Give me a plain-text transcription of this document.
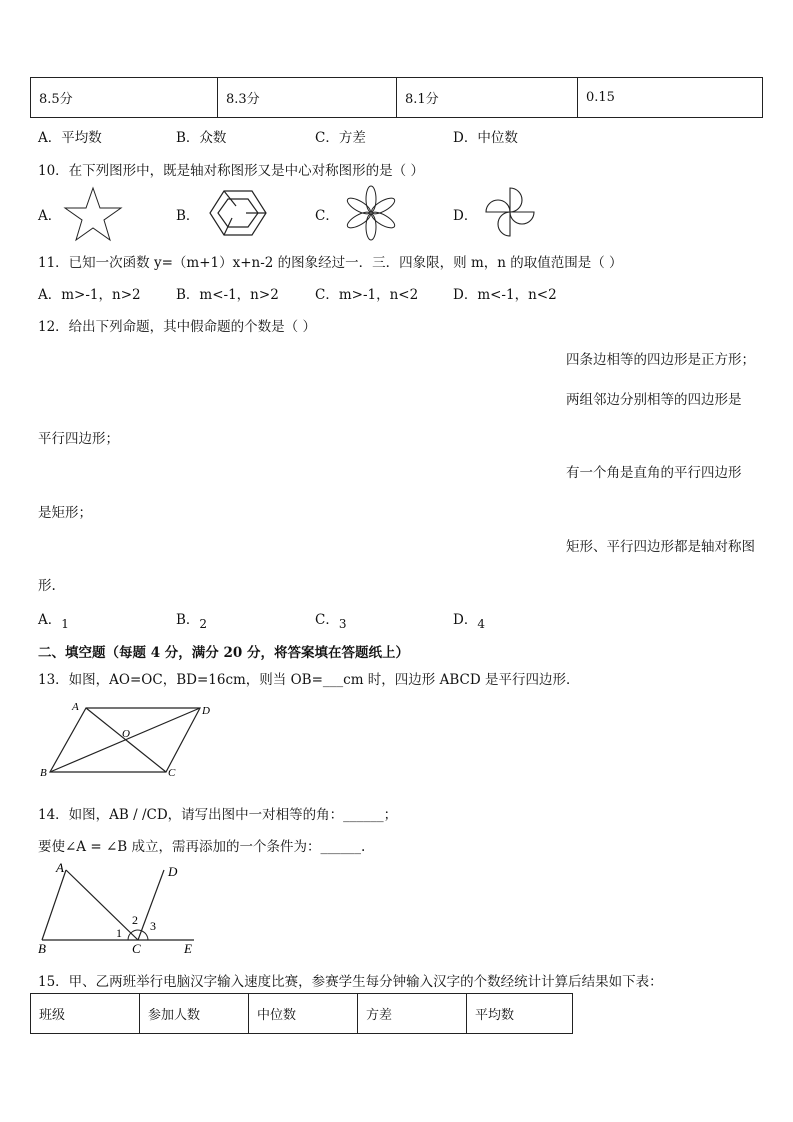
8.5分	8.3分	8.1分	0.15
A．平均数	B．众数	C．方差	D．中位数
10．在下列图形中，既是轴对称图形又是中心对称图形的是（ ）
A．	B．	C．	D．
11．已知一次函数 y=（m+1）x+n-2 的图象经过一．三．四象限，则 m，n 的取值范围是（ ）
A．m>-1，n>2	B．m<-1，n>2	C．m>-1，n<2	D．m<-1，n<2
12．给出下列命题，其中假命题的个数是（ ）
四条边相等的四边形是正方形；
两组邻边分别相等的四边形是
平行四边形；
有一个角是直角的平行四边形
是矩形；
矩形、平行四边形都是轴对称图
形.
A．1	B．2	C．3	D．4
二、填空题（每题 4 分，满分 20 分，将答案填在答题纸上）
13．如图，AO=OC，BD=16cm，则当 OB=___cm 时，四边形 ABCD 是平行四边形．
A	D
O
B	C
14．如图，AB / /CD，请写出图中一对相等的角：______；
要使∠A = ∠B 成立，需再添加的一个条件为：______.
A	D
B	C	E
1
2 3
15．甲、乙两班举行电脑汉字输入速度比赛，参赛学生每分钟输入汉字的个数经统计计算后结果如下表：
班级	参加人数	中位数	方差	平均数
